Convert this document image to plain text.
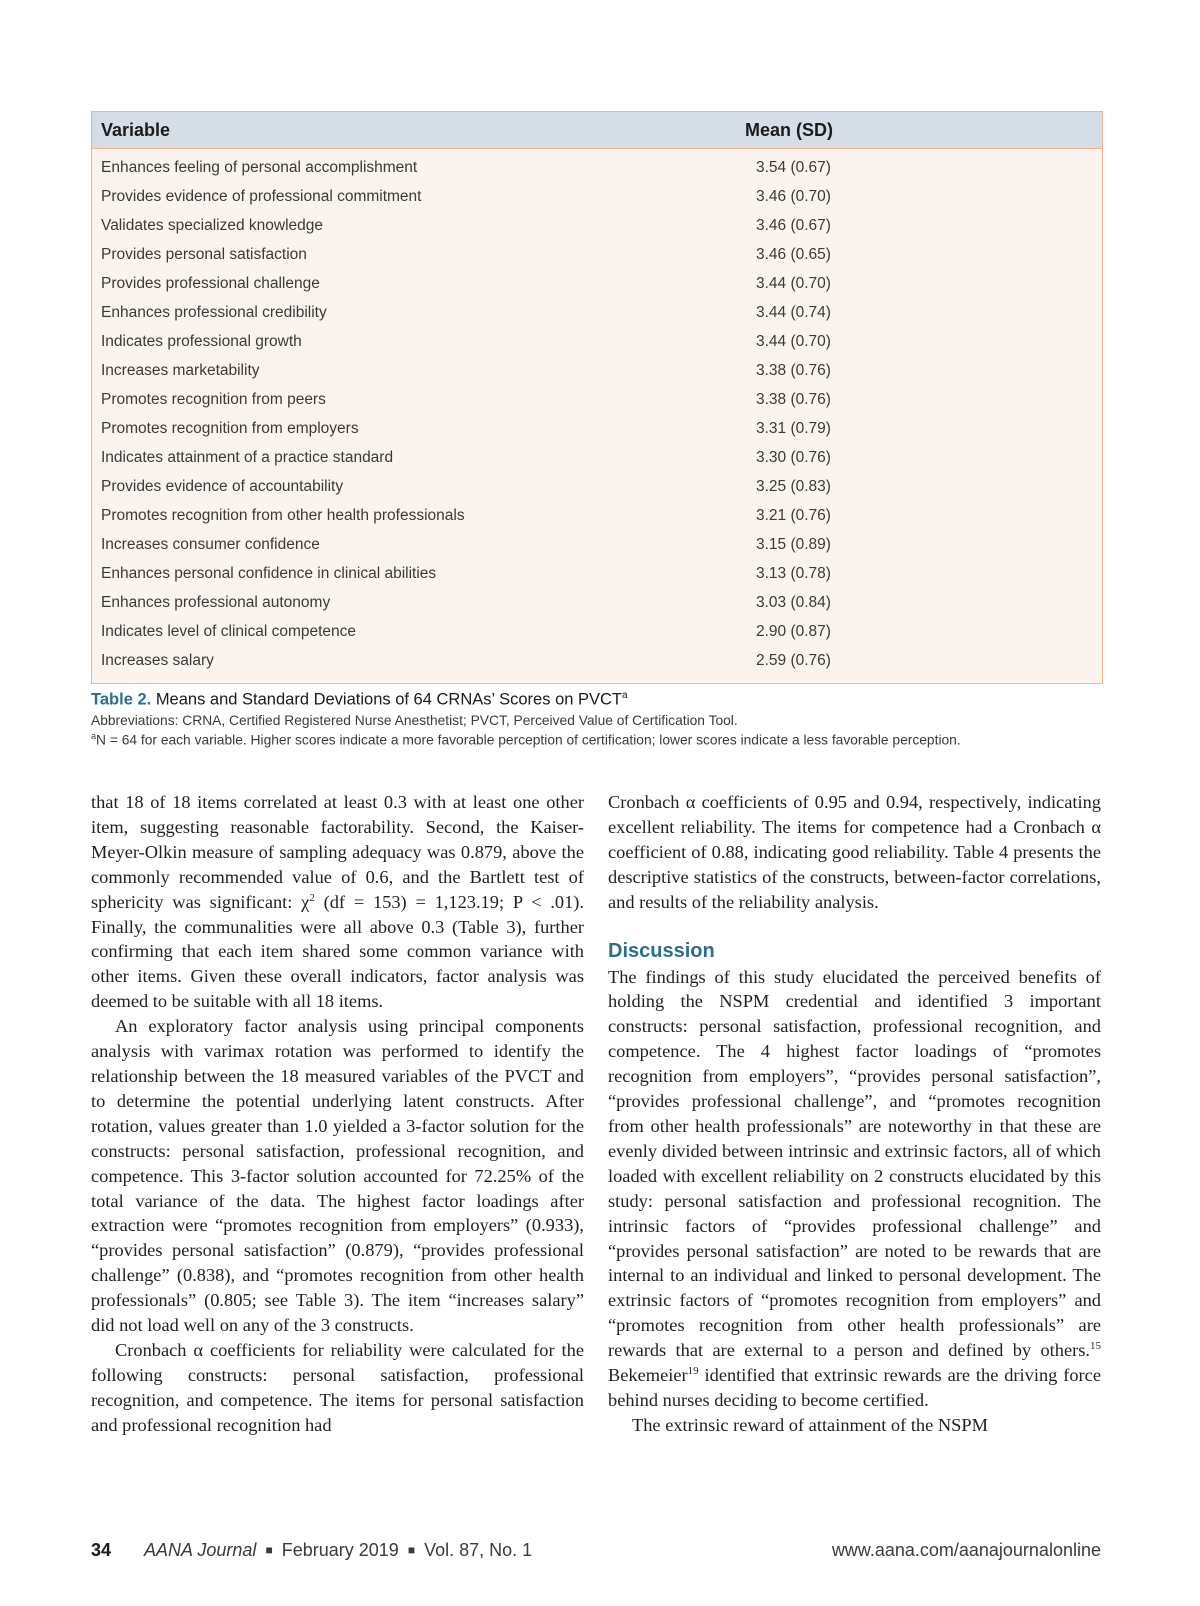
Variable	Mean (SD)
Enhances feeling of personal accomplishment	3.54 (0.67)
Provides evidence of professional commitment	3.46 (0.70)
Validates specialized knowledge	3.46 (0.67)
Provides personal satisfaction	3.46 (0.65)
Provides professional challenge	3.44 (0.70)
Enhances professional credibility	3.44 (0.74)
Indicates professional growth	3.44 (0.70)
Increases marketability	3.38 (0.76)
Promotes recognition from peers	3.38 (0.76)
Promotes recognition from employers	3.31 (0.79)
Indicates attainment of a practice standard	3.30 (0.76)
Provides evidence of accountability	3.25 (0.83)
Promotes recognition from other health professionals	3.21 (0.76)
Increases consumer confidence	3.15 (0.89)
Enhances personal confidence in clinical abilities	3.13 (0.78)
Enhances professional autonomy	3.03 (0.84)
Indicates level of clinical competence	2.90 (0.87)
Increases salary	2.59 (0.76)
Table 2. Means and Standard Deviations of 64 CRNAs’ Scores on PVCT$^a$
Abbreviations: CRNA, Certified Registered Nurse Anesthetist; PVCT, Perceived Value of Certification Tool.
$^a$N = 64 for each variable. Higher scores indicate a more favorable perception of certification; lower scores indicate a less favorable perception.

that 18 of 18 items correlated at least 0.3 with at least one other item, suggesting reasonable factorability. Second, the Kaiser-Meyer-Olkin measure of sampling adequacy was 0.879, above the commonly recommended value of 0.6, and the Bartlett test of sphericity was significant: $\chi^2$ (df = 153) = 1,123.19; P < .01). Finally, the communalities were all above 0.3 (Table 3), further confirming that each item shared some common variance with other items. Given these overall indicators, factor analysis was deemed to be suitable with all 18 items.

An exploratory factor analysis using principal components analysis with varimax rotation was performed to identify the relationship between the 18 measured variables of the PVCT and to determine the potential underlying latent constructs. After rotation, values greater than 1.0 yielded a 3-factor solution for the constructs: personal satisfaction, professional recognition, and competence. This 3-factor solution accounted for 72.25% of the total variance of the data. The highest factor loadings after extraction were “promotes recognition from employers” (0.933), “provides personal satisfaction” (0.879), “provides professional challenge” (0.838), and “promotes recognition from other health professionals” (0.805; see Table 3). The item “increases salary” did not load well on any of the 3 constructs.

Cronbach α coefficients for reliability were calculated for the following constructs: personal satisfaction, professional recognition, and competence. The items for personal satisfaction and professional recognition had

Cronbach α coefficients of 0.95 and 0.94, respectively, indicating excellent reliability. The items for competence had a Cronbach α coefficient of 0.88, indicating good reliability. Table 4 presents the descriptive statistics of the constructs, between-factor correlations, and results of the reliability analysis.

Discussion

The findings of this study elucidated the perceived benefits of holding the NSPM credential and identified 3 important constructs: personal satisfaction, professional recognition, and competence. The 4 highest factor loadings of “promotes recognition from employers”, “provides personal satisfaction”, “provides professional challenge”, and “promotes recognition from other health professionals” are noteworthy in that these are evenly divided between intrinsic and extrinsic factors, all of which loaded with excellent reliability on 2 constructs elucidated by this study: personal satisfaction and professional recognition. The intrinsic factors of “provides professional challenge” and “provides personal satisfaction” are noted to be rewards that are internal to an individual and linked to personal development. The extrinsic factors of “promotes recognition from employers” and “promotes recognition from other health professionals” are rewards that are external to a person and defined by others.$^{15}$ Bekemeier$^{19}$ identified that extrinsic rewards are the driving force behind nurses deciding to become certified.

The extrinsic reward of attainment of the NSPM

34 AANA Journal ■ February 2019 ■ Vol. 87, No. 1	www.aana.com/aanajournalonline
